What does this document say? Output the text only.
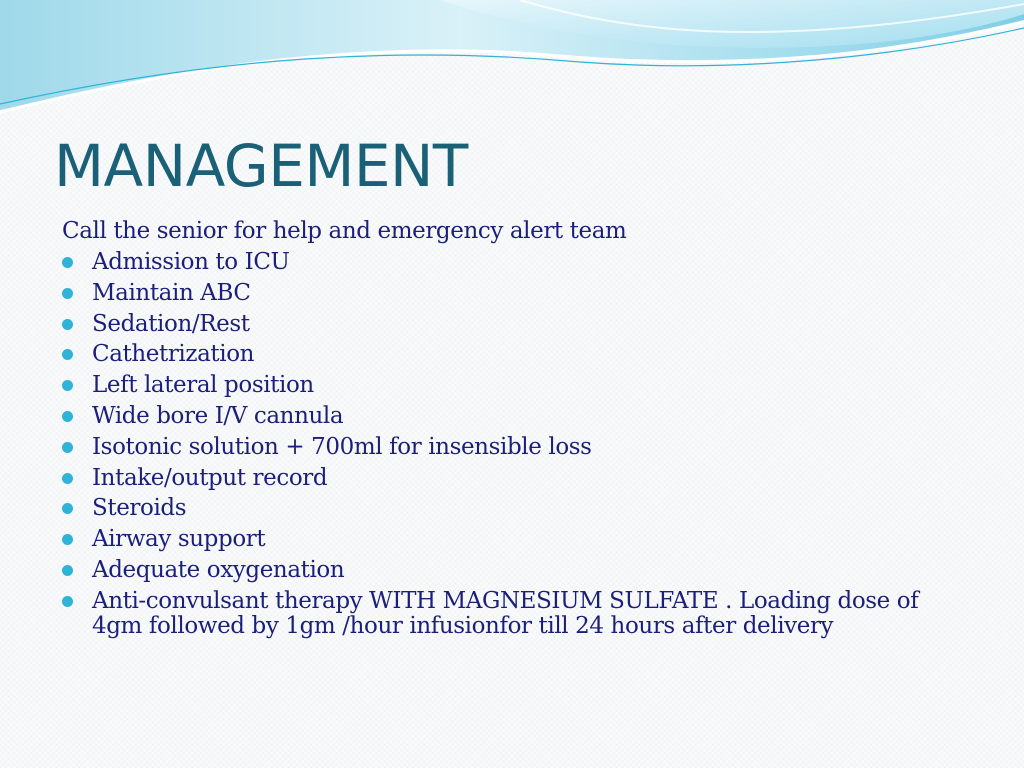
MANAGEMENT
Call the senior for help and emergency alert team
Admission to ICU
Maintain ABC
Sedation/Rest
Cathetrization
Left lateral position
Wide bore I/V cannula
Isotonic solution + 700ml for insensible loss
Intake/output record
Steroids
Airway support
Adequate oxygenation
Anti-convulsant therapy WITH MAGNESIUM SULFATE . Loading dose of 4gm followed by 1gm /hour infusionfor till 24 hours after delivery
